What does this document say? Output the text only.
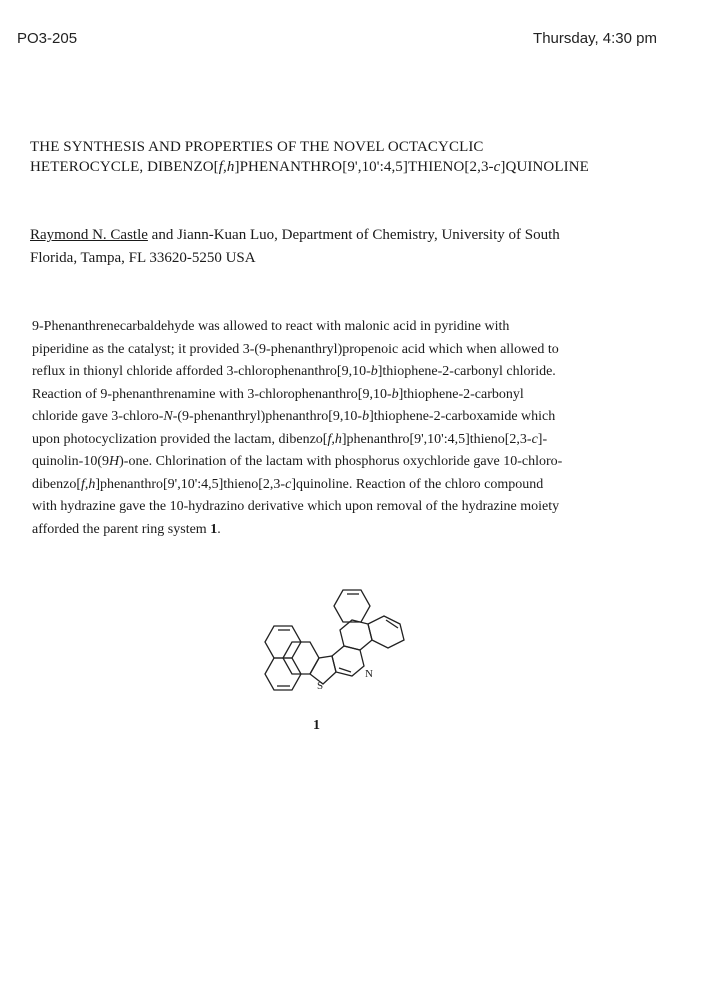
PO3-205	Thursday, 4:30 pm
THE SYNTHESIS AND PROPERTIES OF THE NOVEL OCTACYCLIC
HETEROCYCLE, DIBENZO[f,h]PHENANTHRO[9',10':4,5]THIENO[2,3-c]QUINOLINE
Raymond N. Castle and Jiann-Kuan Luo, Department of Chemistry, University of South
Florida, Tampa, FL 33620-5250 USA
9-Phenanthrenecarbaldehyde was allowed to react with malonic acid in pyridine with
piperidine as the catalyst; it provided 3-(9-phenanthryl)propenoic acid which when allowed to
reflux in thionyl chloride afforded 3-chlorophenanthro[9,10-b]thiophene-2-carbonyl chloride.
Reaction of 9-phenanthrenamine with 3-chlorophenanthro[9,10-b]thiophene-2-carbonyl
chloride gave 3-chloro-N-(9-phenanthryl)phenanthro[9,10-b]thiophene-2-carboxamide which
upon photocyclization provided the lactam, dibenzo[f,h]phenanthro[9',10':4,5]thieno[2,3-c]-
quinolin-10(9H)-one. Chlorination of the lactam with phosphorus oxychloride gave 10-chloro-
dibenzo[f,h]phenanthro[9',10':4,5]thieno[2,3-c]quinoline. Reaction of the chloro compound
with hydrazine gave the 10-hydrazino derivative which upon removal of the hydrazine moiety
afforded the parent ring system 1.
S
N
1
